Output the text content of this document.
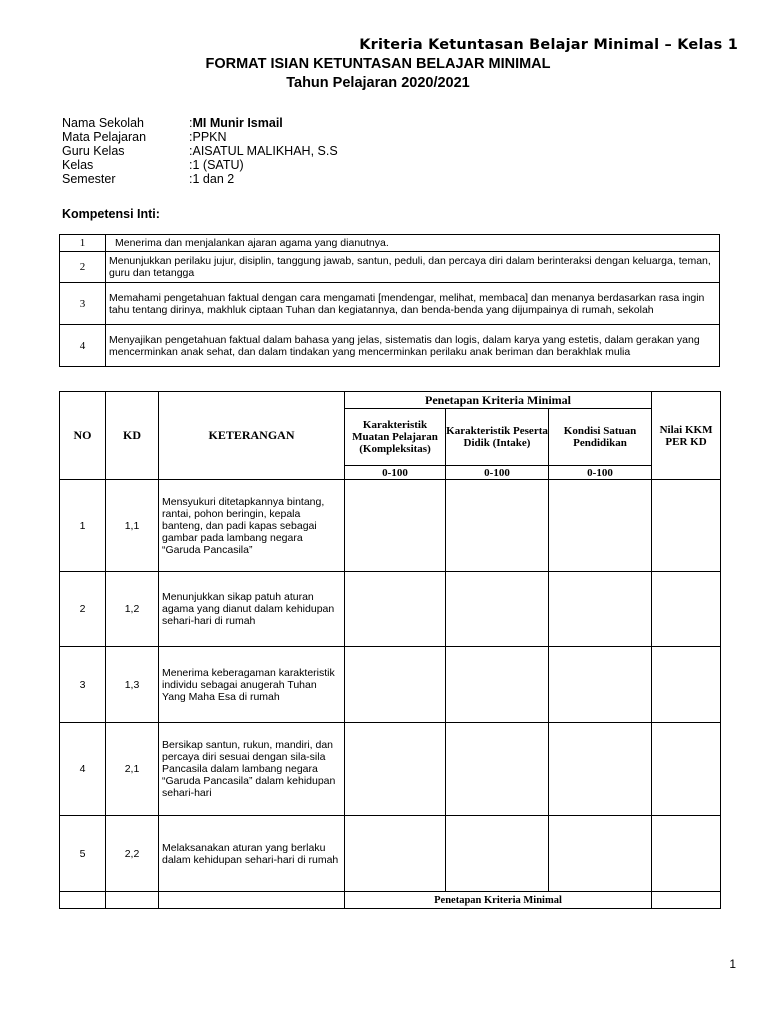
Kriteria Ketuntasan Belajar Minimal – Kelas 1
FORMAT ISIAN KETUNTASAN BELAJAR MINIMAL
Tahun Pelajaran 2020/2021
Nama Sekolah	: MI Munir Ismail
Mata Pelajaran	: PPKN
Guru Kelas	: AISATUL MALIKHAH, S.S
Kelas	: 1 (SATU)
Semester	: 1 dan 2
Kompetensi Inti:
1	Menerima dan menjalankan ajaran agama yang dianutnya.
2	Menunjukkan perilaku jujur, disiplin, tanggung jawab, santun, peduli, dan percaya diri dalam berinteraksi dengan keluarga, teman, guru dan tetangga
3	Memahami pengetahuan faktual dengan cara mengamati [mendengar, melihat, membaca] dan menanya berdasarkan rasa ingin tahu tentang dirinya, makhluk ciptaan Tuhan dan kegiatannya, dan benda-benda yang dijumpainya di rumah, sekolah
4	Menyajikan pengetahuan faktual dalam bahasa yang jelas, sistematis dan logis, dalam karya yang estetis, dalam gerakan yang mencerminkan anak sehat, dan dalam tindakan yang mencerminkan perilaku anak beriman dan berakhlak mulia
NO	KD	KETERANGAN	Penetapan Kriteria Minimal			Nilai KKM PER KD
			Karakteristik Muatan Pelajaran (Kompleksitas)	Karakteristik Peserta Didik (Intake)	Kondisi Satuan Pendidikan	
			0-100	0-100	0-100	
1	1,1	Mensyukuri ditetapkannya bintang, rantai, pohon beringin, kepala banteng, dan padi kapas sebagai gambar pada lambang negara “Garuda Pancasila”				
2	1,2	Menunjukkan sikap patuh aturan agama yang dianut dalam kehidupan sehari-hari di rumah				
3	1,3	Menerima keberagaman karakteristik individu sebagai anugerah Tuhan Yang Maha Esa di rumah				
4	2,1	Bersikap santun, rukun, mandiri, dan percaya diri sesuai dengan sila-sila Pancasila dalam lambang negara “Garuda Pancasila” dalam kehidupan sehari-hari				
5	2,2	Melaksanakan aturan yang berlaku dalam kehidupan sehari-hari di rumah				
			Penetapan Kriteria Minimal			
1
